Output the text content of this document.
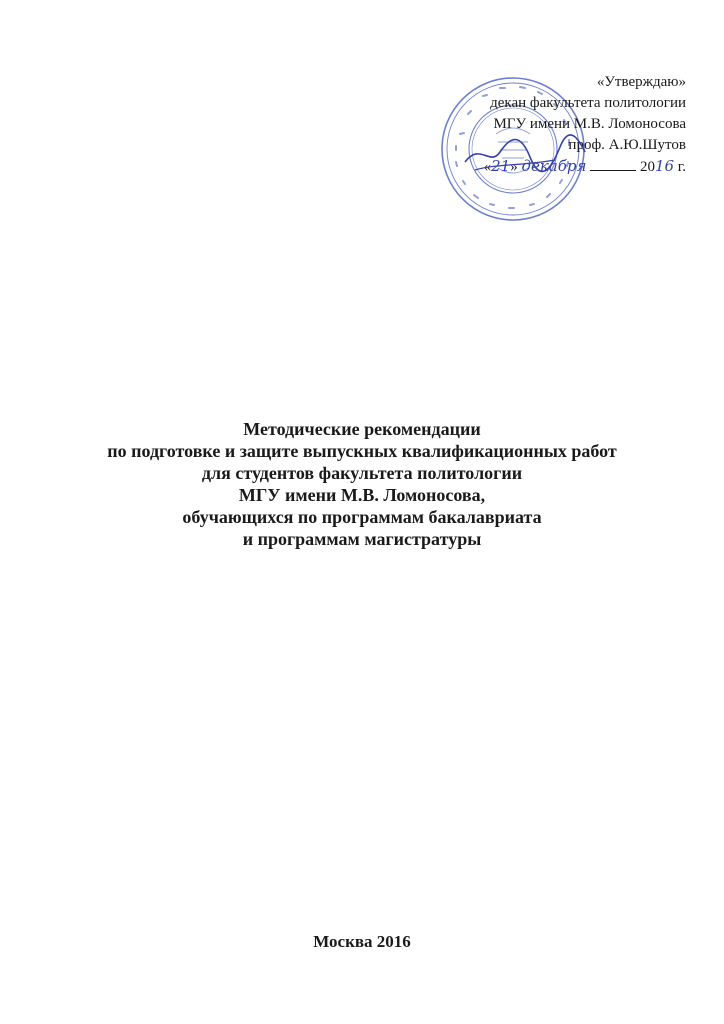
«Утверждаю»
декан факультета политологии
МГУ имени М.В. Ломоносова
проф. А.Ю.Шутов
«21» декабря	2016 г.
Методические рекомендации
по подготовке и защите выпускных квалификационных работ
для студентов факультета политологии
МГУ имени М.В. Ломоносова,
обучающихся по программам бакалавриата
и программам магистратуры
Москва 2016
